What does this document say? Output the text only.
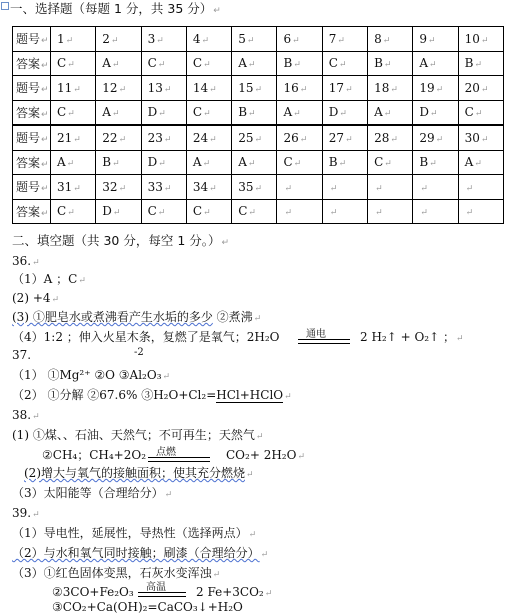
一、选择题（每题 1 分，共 35 分）↵
题号↵	1↵	2↵	3↵	4↵	5↵	6↵	7↵	8↵	9↵	10↵
答案↵	C↵	A↵	C↵	C↵	A↵	B↵	C↵	B↵	A↵	B↵
题号↵	11↵	12↵	13↵	14↵	15↵	16↵	17↵	18↵	19↵	20↵
答案↵	C↵	A↵	D↵	C↵	B↵	A↵	D↵	A↵	D↵	C↵
题号↵	21↵	22↵	23↵	24↵	25↵	26↵	27↵	28↵	29↵	30↵
答案↵	A↵	B↵	D↵	A↵	A↵	C↵	B↵	C↵	B↵	A↵
题号↵	31↵	32↵	33↵	34↵	35↵	↵	↵	↵	↵	↵
答案↵	C↵	D↵	C↵	C↵	C↵	↵	↵	↵	↵	↵
二、填空题（共 30 分，每空 1 分。）↵
36.↵
（1）A ；C↵
(2) +4↵
(3) ①肥皂水或煮沸看产生水垢的多少 ②煮沸↵
（4）1:2 ；伸入火星木条，复燃了是氧气；2H₂O	通电	2 H₂↑ + O₂↑ ；↵
37.	-2
（1） ①Mg²⁺ ②O ③Al₂O₃↵
（2） ①分解 ②67.6% ③H₂O+Cl₂=HCl+HClO↵
38.↵
(1) ①煤、、石油、天然气；不可再生；天然气↵
②CH₄；CH₄+2O₂ 点燃	CO₂+ 2H₂O↵
(2)增大与氧气的接触面积；使其充分燃烧↵
（3）太阳能等（合理给分）↵
39.↵
（1）导电性，延展性，导热性（选择两点）↵
（2）与水和氧气同时接触；刷漆（合理给分）↵
（3）①红色固体变黑，石灰水变浑浊↵
②3CO+Fe₂O₃ 高温	2 Fe+3CO₂↵
③CO₂+Ca(OH)₂=CaCO₃↓+H₂O
